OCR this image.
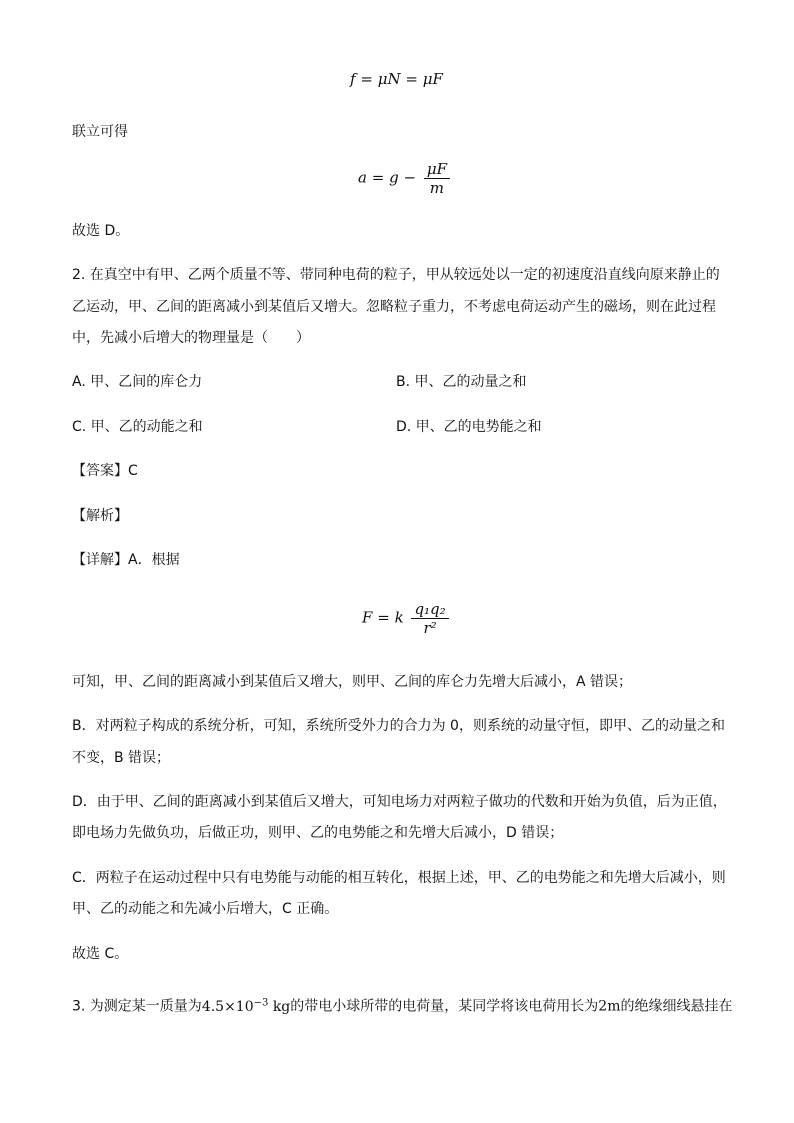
f = μN = μF
联立可得
$a = g - \frac{\mu F}{m}$
故选 D。
2. 在真空中有甲、乙两个质量不等、带同种电荷的粒子，甲从较远处以一定的初速度沿直线向原来静止的
乙运动，甲、乙间的距离减小到某值后又增大。忽略粒子重力，不考虑电荷运动产生的磁场，则在此过程
中，先减小后增大的物理量是（　　）
A. 甲、乙间的库仑力	B. 甲、乙的动量之和
C. 甲、乙的动能之和	D. 甲、乙的电势能之和
【答案】C
【解析】
【详解】A．根据
F = k $\frac{\text{q₁q₂}}{\text{r²}}$
可知，甲、乙间的距离减小到某值后又增大，则甲、乙间的库仑力先增大后减小，A 错误；
B．对两粒子构成的系统分析，可知，系统所受外力的合力为 0，则系统的动量守恒，即甲、乙的动量之和
不变，B 错误；
D．由于甲、乙间的距离减小到某值后又增大，可知电场力对两粒子做功的代数和开始为负值，后为正值，
即电场力先做负功，后做正功，则甲、乙的电势能之和先增大后减小，D 错误；
C．两粒子在运动过程中只有电势能与动能的相互转化，根据上述，甲、乙的电势能之和先增大后减小，则
甲、乙的动能之和先减小后增大，C 正确。
故选 C。
3. 为测定某一质量为$4.5\times 10^{-3}$ kg的带电小球所带的电荷量，某同学将该电荷用长为2m的绝缘细线悬挂在
